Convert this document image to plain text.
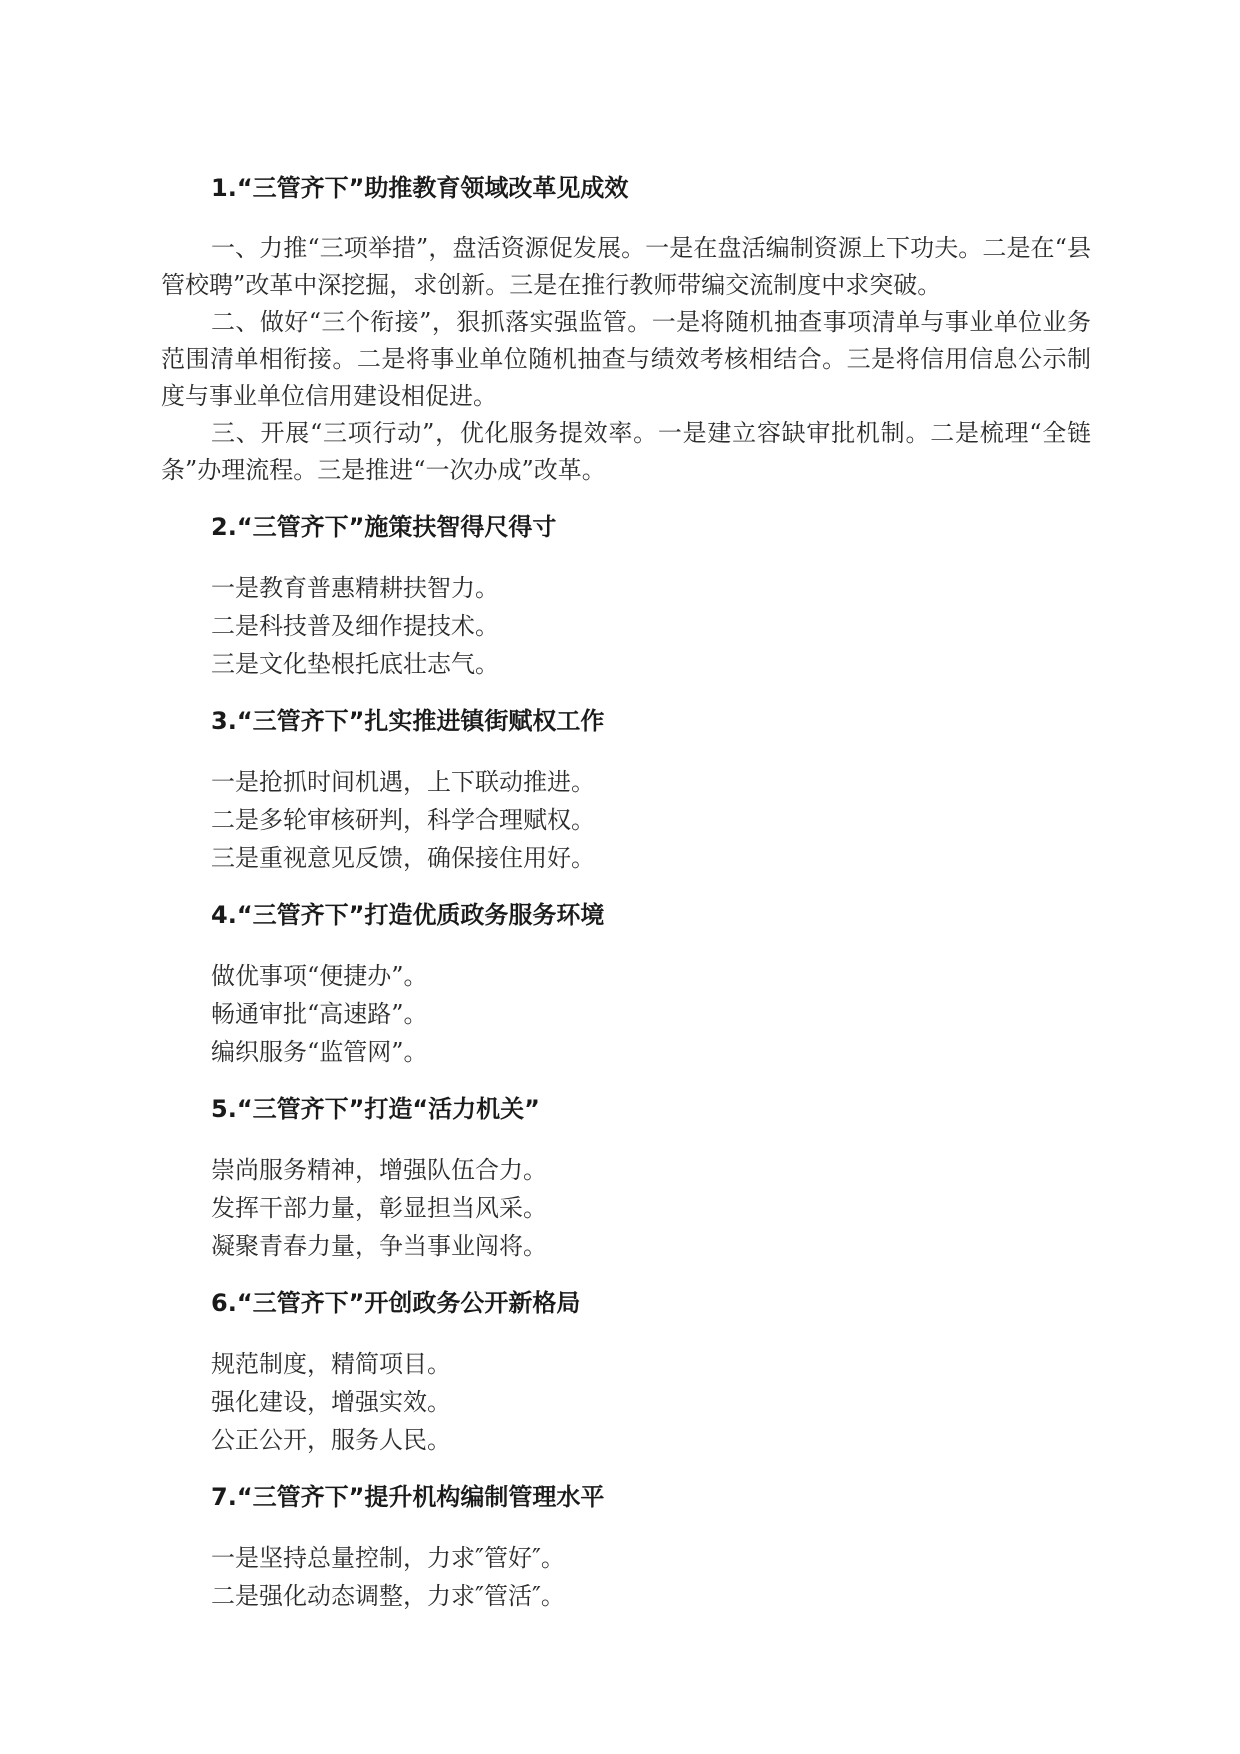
1.“三管齐下”助推教育领域改革见成效

一、力推“三项举措”，盘活资源促发展。一是在盘活编制资源上下功夫。二是在“县管校聘”改革中深挖掘，求创新。三是在推行教师带编交流制度中求突破。

二、做好“三个衔接”，狠抓落实强监管。一是将随机抽查事项清单与事业单位业务范围清单相衔接。二是将事业单位随机抽查与绩效考核相结合。三是将信用信息公示制度与事业单位信用建设相促进。

三、开展“三项行动”，优化服务提效率。一是建立容缺审批机制。二是梳理“全链条”办理流程。三是推进“一次办成”改革。

2.“三管齐下”施策扶智得尺得寸

一是教育普惠精耕扶智力。

二是科技普及细作提技术。

三是文化垫根托底壮志气。

3.“三管齐下”扎实推进镇街赋权工作

一是抢抓时间机遇，上下联动推进。

二是多轮审核研判，科学合理赋权。

三是重视意见反馈，确保接住用好。

4.“三管齐下”打造优质政务服务环境

做优事项“便捷办”。

畅通审批“高速路”。

编织服务“监管网”。

5.“三管齐下”打造“活力机关”

崇尚服务精神，增强队伍合力。

发挥干部力量，彰显担当风采。

凝聚青春力量，争当事业闯将。

6.“三管齐下”开创政务公开新格局

规范制度，精简项目。

强化建设，增强实效。

公正公开，服务人民。

7.“三管齐下”提升机构编制管理水平

一是坚持总量控制，力求″管好″。

二是强化动态调整，力求″管活″。
